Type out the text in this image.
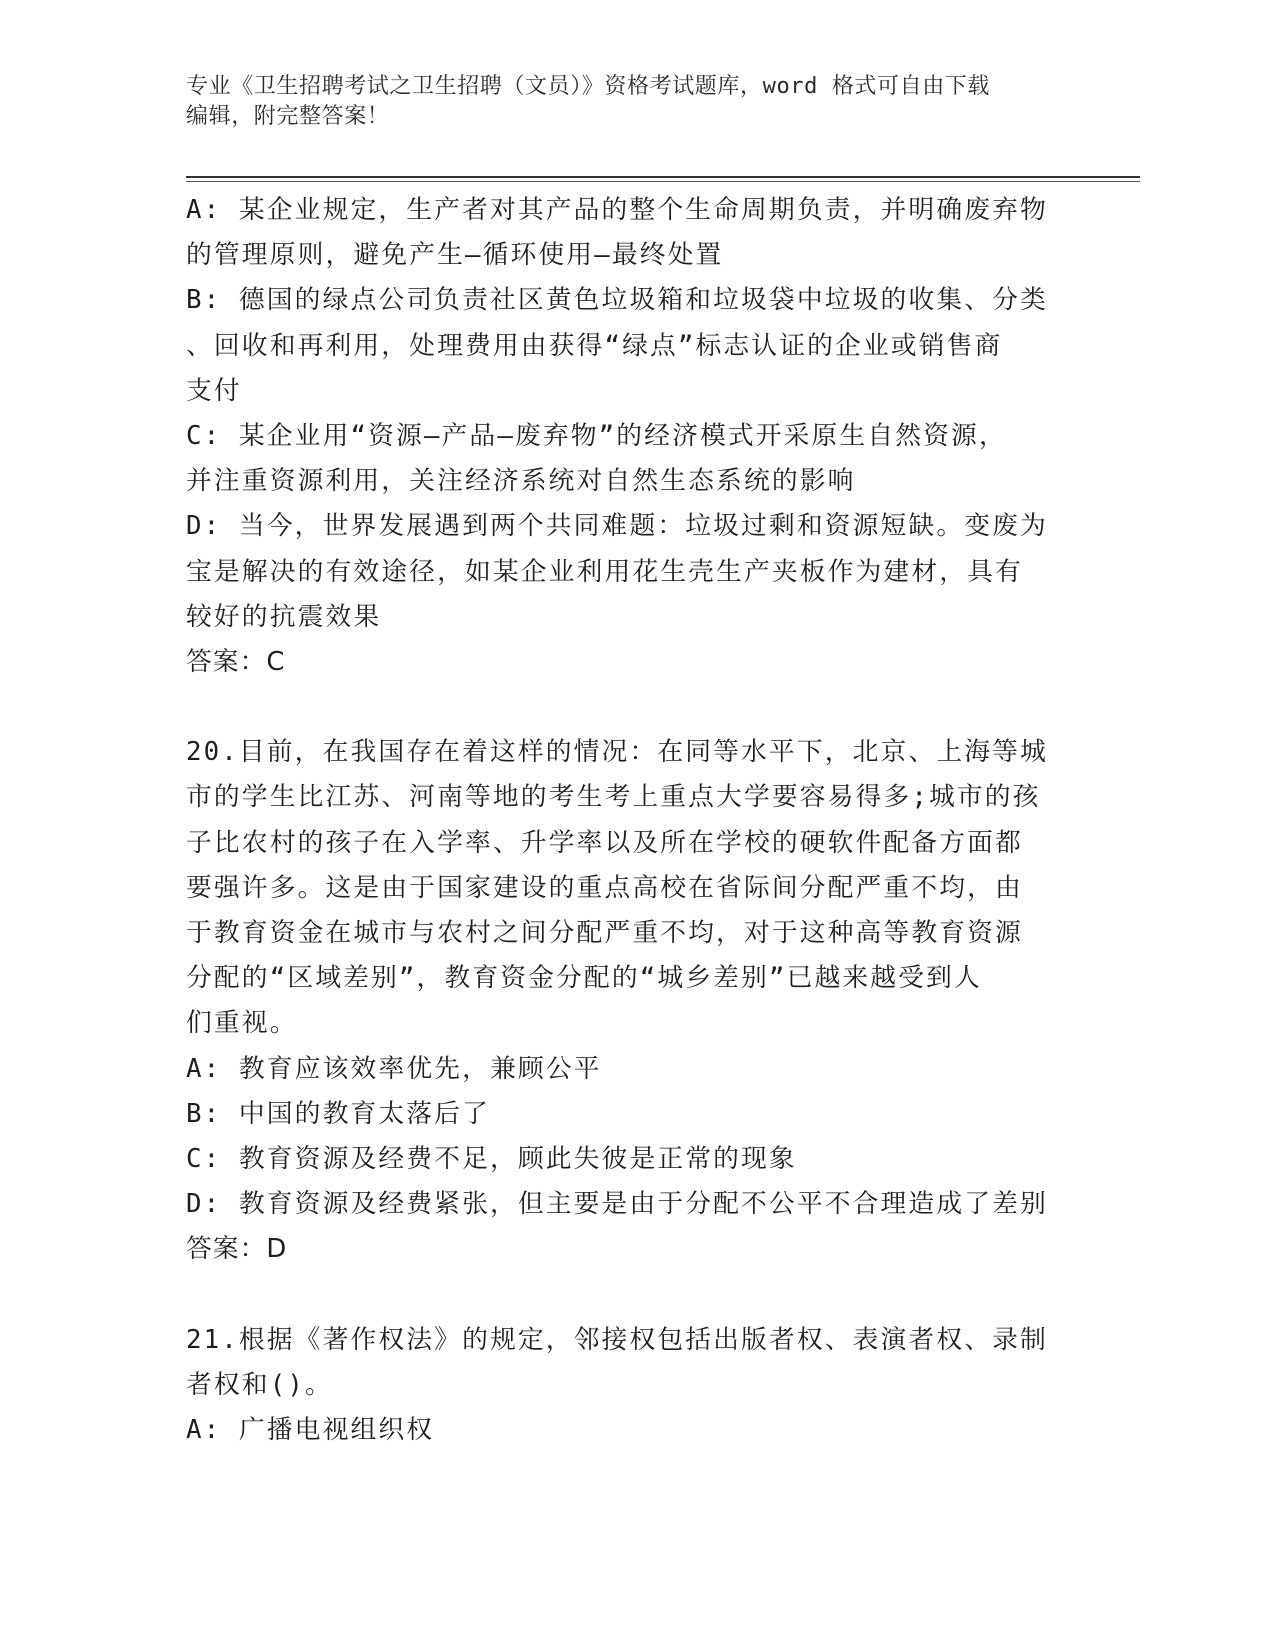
专业《卫生招聘考试之卫生招聘（文员）》资格考试题库，word 格式可自由下载
编辑，附完整答案！
A: 某企业规定，生产者对其产品的整个生命周期负责，并明确废弃物
的管理原则，避免产生—循环使用—最终处置
B: 德国的绿点公司负责社区黄色垃圾箱和垃圾袋中垃圾的收集、分类
、回收和再利用，处理费用由获得“绿点”标志认证的企业或销售商
支付
C: 某企业用“资源—产品—废弃物”的经济模式开采原生自然资源，
并注重资源利用，关注经济系统对自然生态系统的影响
D: 当今，世界发展遇到两个共同难题：垃圾过剩和资源短缺。变废为
宝是解决的有效途径，如某企业利用花生壳生产夹板作为建材，具有
较好的抗震效果
答案：C
20.目前，在我国存在着这样的情况：在同等水平下，北京、上海等城
市的学生比江苏、河南等地的考生考上重点大学要容易得多;城市的孩
子比农村的孩子在入学率、升学率以及所在学校的硬软件配备方面都
要强许多。这是由于国家建设的重点高校在省际间分配严重不均，由
于教育资金在城市与农村之间分配严重不均，对于这种高等教育资源
分配的“区域差别”，教育资金分配的“城乡差别”已越来越受到人
们重视。
A: 教育应该效率优先，兼顾公平
B: 中国的教育太落后了
C: 教育资源及经费不足，顾此失彼是正常的现象
D: 教育资源及经费紧张，但主要是由于分配不公平不合理造成了差别
答案：D
21.根据《著作权法》的规定，邻接权包括出版者权、表演者权、录制
者权和()。
A: 广播电视组织权
